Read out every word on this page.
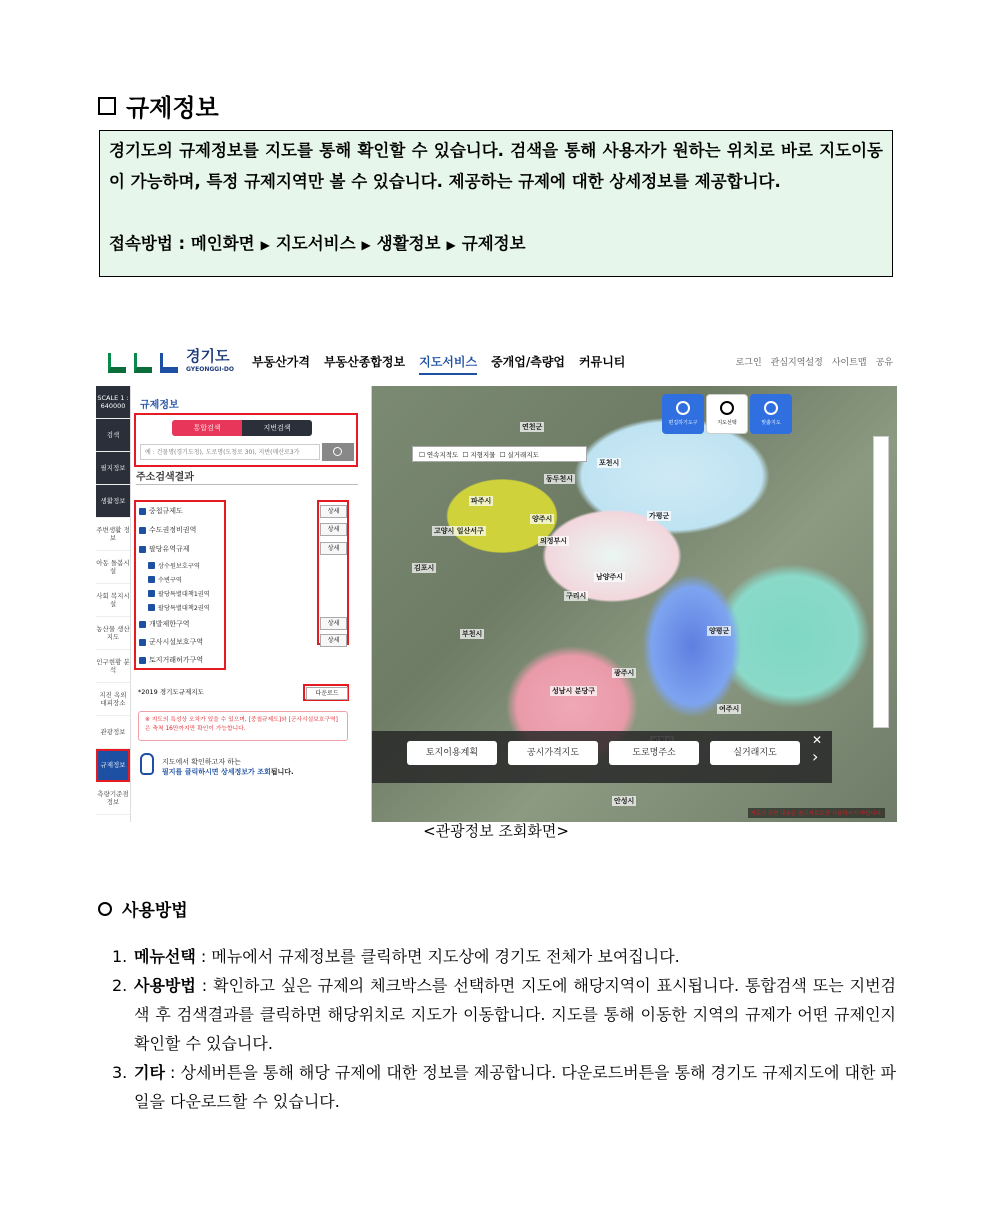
규제정보

경기도의 규제정보를 지도를 통해 확인할 수 있습니다. 검색을 통해 사용자가 원하는 위치로 바로 지도이동이 가능하며, 특정 규제지역만 볼 수 있습니다. 제공하는 규제에 대한 상세정보를 제공합니다.

접속방법 : 메인화면 ▶ 지도서비스 ▶ 생활정보 ▶ 규제정보

경기도
GYEONGGI-DO
부동산가격 부동산종합정보 지도서비스 중개업/측량업 커뮤니티	로그인 관심지역설정 사이트맵 공유
SCALE 1 : 640000
검색
필지정보
생활정보
주변생활 정보
아동 돌봄시설
사회 복지시설
농산물 생산지도
인구현황 분석
지진 옥외 대피장소
관광정보
규제정보
측량기준점 정보
규제정보
통합검색	지번검색
예 : 건물명(경기도청), 도로명(도청로 30), 지번(매산로3가
주소검색결과
중첩규제도
수도권정비권역
팔당유역규제
상수원보호구역
수변구역
팔당특별대책1권역
팔당특별대책2권역
개발제한구역
군사시설보호구역
토지거래허가구역
상세
상세
상세
상세
상세
*2019 경기도규제지도	다운로드
※ 지도의 특성상 오차가 있을 수 있으며, [중첩규제도]와 [군사시설보호구역]은 축척 16만까지만 확인이 가능합니다.
지도에서 확인하고자 하는
필지를 클릭하시면 상세정보가 조회됩니다.
편집하기도구	지도선택	맞춤지도
연천군
포천시
동두천시
파주시
양주시	가평군
고양시 일산서구
의정부시
김포시
남양주시
구리시
부천시	양평군
광주시
여주시
안성시
성남시 분당구
토지이용계획	공시가격지도	도로명주소	실거래지도
✕
›
☐ 연속지적도  ☐ 지형지물  ☐ 실거래지도
지도의 도면 내용은 참고자료로만 사용하시기 바랍니다.
<관광정보 조회화면>
사용방법
1. 메뉴선택 : 메뉴에서 규제정보를 클릭하면 지도상에 경기도 전체가 보여집니다.
2. 사용방법 : 확인하고 싶은 규제의 체크박스를 선택하면 지도에 해당지역이 표시됩니다. 통합검색 또는 지번검색 후 검색결과를 클릭하면 해당위치로 지도가 이동합니다. 지도를 통해 이동한 지역의 규제가 어떤 규제인지 확인할 수 있습니다.
3. 기타 : 상세버튼을 통해 해당 규제에 대한 정보를 제공합니다. 다운로드버튼을 통해 경기도 규제지도에 대한 파일을 다운로드할 수 있습니다.
